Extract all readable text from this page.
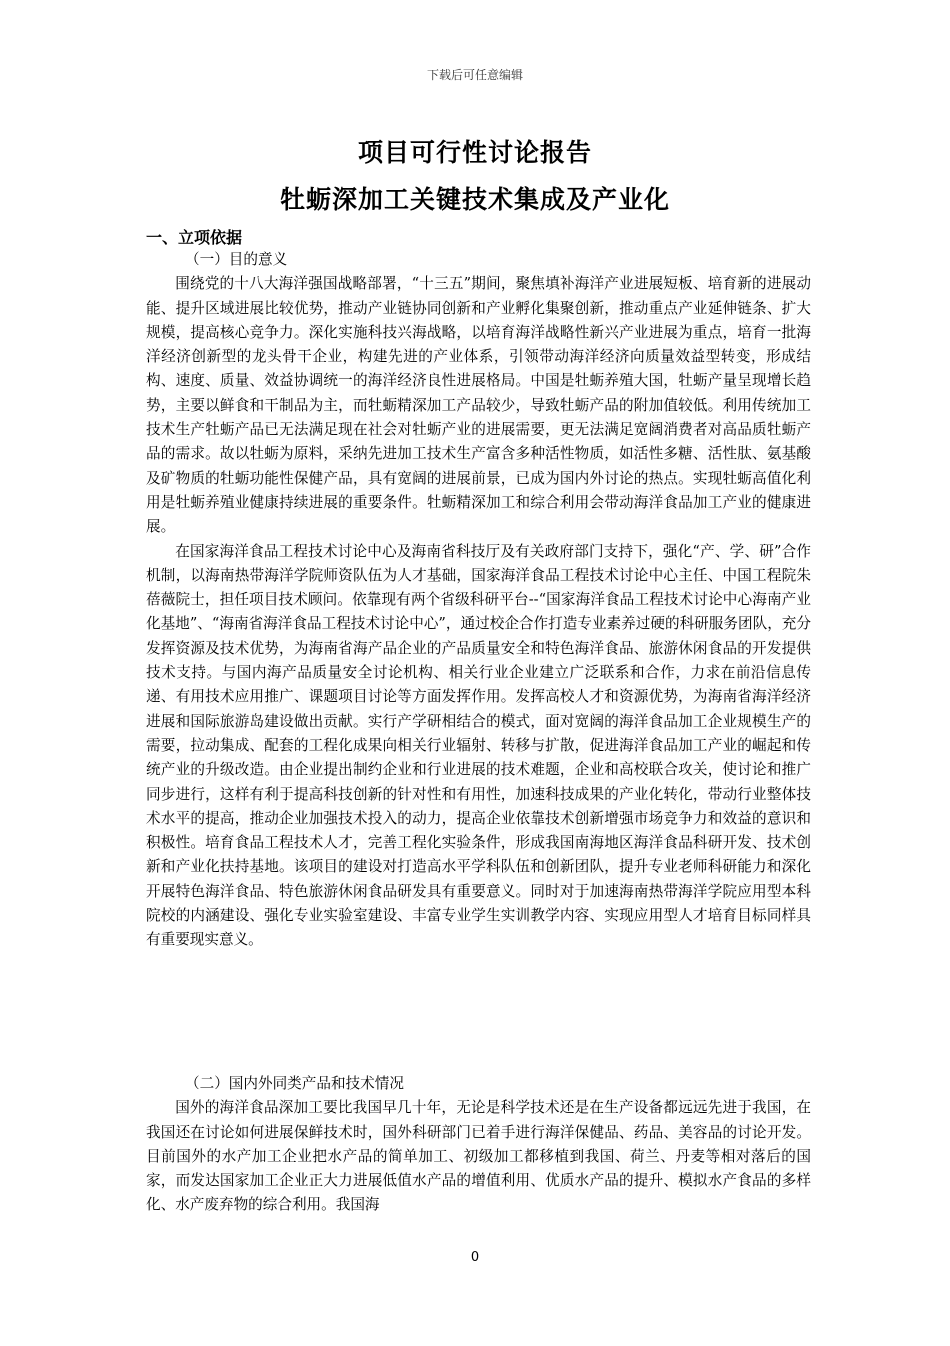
下载后可任意编辑
项目可行性讨论报告
牡蛎深加工关键技术集成及产业化
一、立项依据

（一）目的意义

围绕党的十八大海洋强国战略部署，“十三五”期间，聚焦填补海洋产业进展短板、培育新的进展动能、提升区域进展比较优势，推动产业链协同创新和产业孵化集聚创新，推动重点产业延伸链条、扩大规模，提高核心竞争力。深化实施科技兴海战略，以培育海洋战略性新兴产业进展为重点，培育一批海洋经济创新型的龙头骨干企业，构建先进的产业体系，引领带动海洋经济向质量效益型转变，形成结构、速度、质量、效益协调统一的海洋经济良性进展格局。中国是牡蛎养殖大国，牡蛎产量呈现增长趋势，主要以鲜食和干制品为主，而牡蛎精深加工产品较少，导致牡蛎产品的附加值较低。利用传统加工技术生产牡蛎产品已无法满足现在社会对牡蛎产业的进展需要，更无法满足宽阔消费者对高品质牡蛎产品的需求。故以牡蛎为原料，采纳先进加工技术生产富含多种活性物质，如活性多糖、活性肽、氨基酸及矿物质的牡蛎功能性保健产品，具有宽阔的进展前景，已成为国内外讨论的热点。实现牡蛎高值化利用是牡蛎养殖业健康持续进展的重要条件。牡蛎精深加工和综合利用会带动海洋食品加工产业的健康进展。

在国家海洋食品工程技术讨论中心及海南省科技厅及有关政府部门支持下，强化“产、学、研”合作机制，以海南热带海洋学院师资队伍为人才基础，国家海洋食品工程技术讨论中心主任、中国工程院朱蓓薇院士，担任项目技术顾问。依靠现有两个省级科研平台--“国家海洋食品工程技术讨论中心海南产业化基地”、“海南省海洋食品工程技术讨论中心”，通过校企合作打造专业素养过硬的科研服务团队，充分发挥资源及技术优势，为海南省海产品企业的产品质量安全和特色海洋食品、旅游休闲食品的开发提供技术支持。与国内海产品质量安全讨论机构、相关行业企业建立广泛联系和合作，力求在前沿信息传递、有用技术应用推广、课题项目讨论等方面发挥作用。发挥高校人才和资源优势，为海南省海洋经济进展和国际旅游岛建设做出贡献。实行产学研相结合的模式，面对宽阔的海洋食品加工企业规模生产的需要，拉动集成、配套的工程化成果向相关行业辐射、转移与扩散，促进海洋食品加工产业的崛起和传统产业的升级改造。由企业提出制约企业和行业进展的技术难题，企业和高校联合攻关，使讨论和推广同步进行，这样有利于提高科技创新的针对性和有用性，加速科技成果的产业化转化，带动行业整体技术水平的提高，推动企业加强技术投入的动力，提高企业依靠技术创新增强市场竞争力和效益的意识和积极性。培育食品工程技术人才，完善工程化实验条件，形成我国南海地区海洋食品科研开发、技术创新和产业化扶持基地。该项目的建设对打造高水平学科队伍和创新团队，提升专业老师科研能力和深化开展特色海洋食品、特色旅游休闲食品研发具有重要意义。同时对于加速海南热带海洋学院应用型本科院校的内涵建设、强化专业实验室建设、丰富专业学生实训教学内容、实现应用型人才培育目标同样具有重要现实意义。

（二）国内外同类产品和技术情况

国外的海洋食品深加工要比我国早几十年，无论是科学技术还是在生产设备都远远先进于我国，在我国还在讨论如何进展保鲜技术时，国外科研部门已着手进行海洋保健品、药品、美容品的讨论开发。目前国外的水产加工企业把水产品的简单加工、初级加工都移植到我国、荷兰、丹麦等相对落后的国家，而发达国家加工企业正大力进展低值水产品的增值利用、优质水产品的提升、模拟水产食品的多样化、水产废弃物的综合利用。我国海

0
